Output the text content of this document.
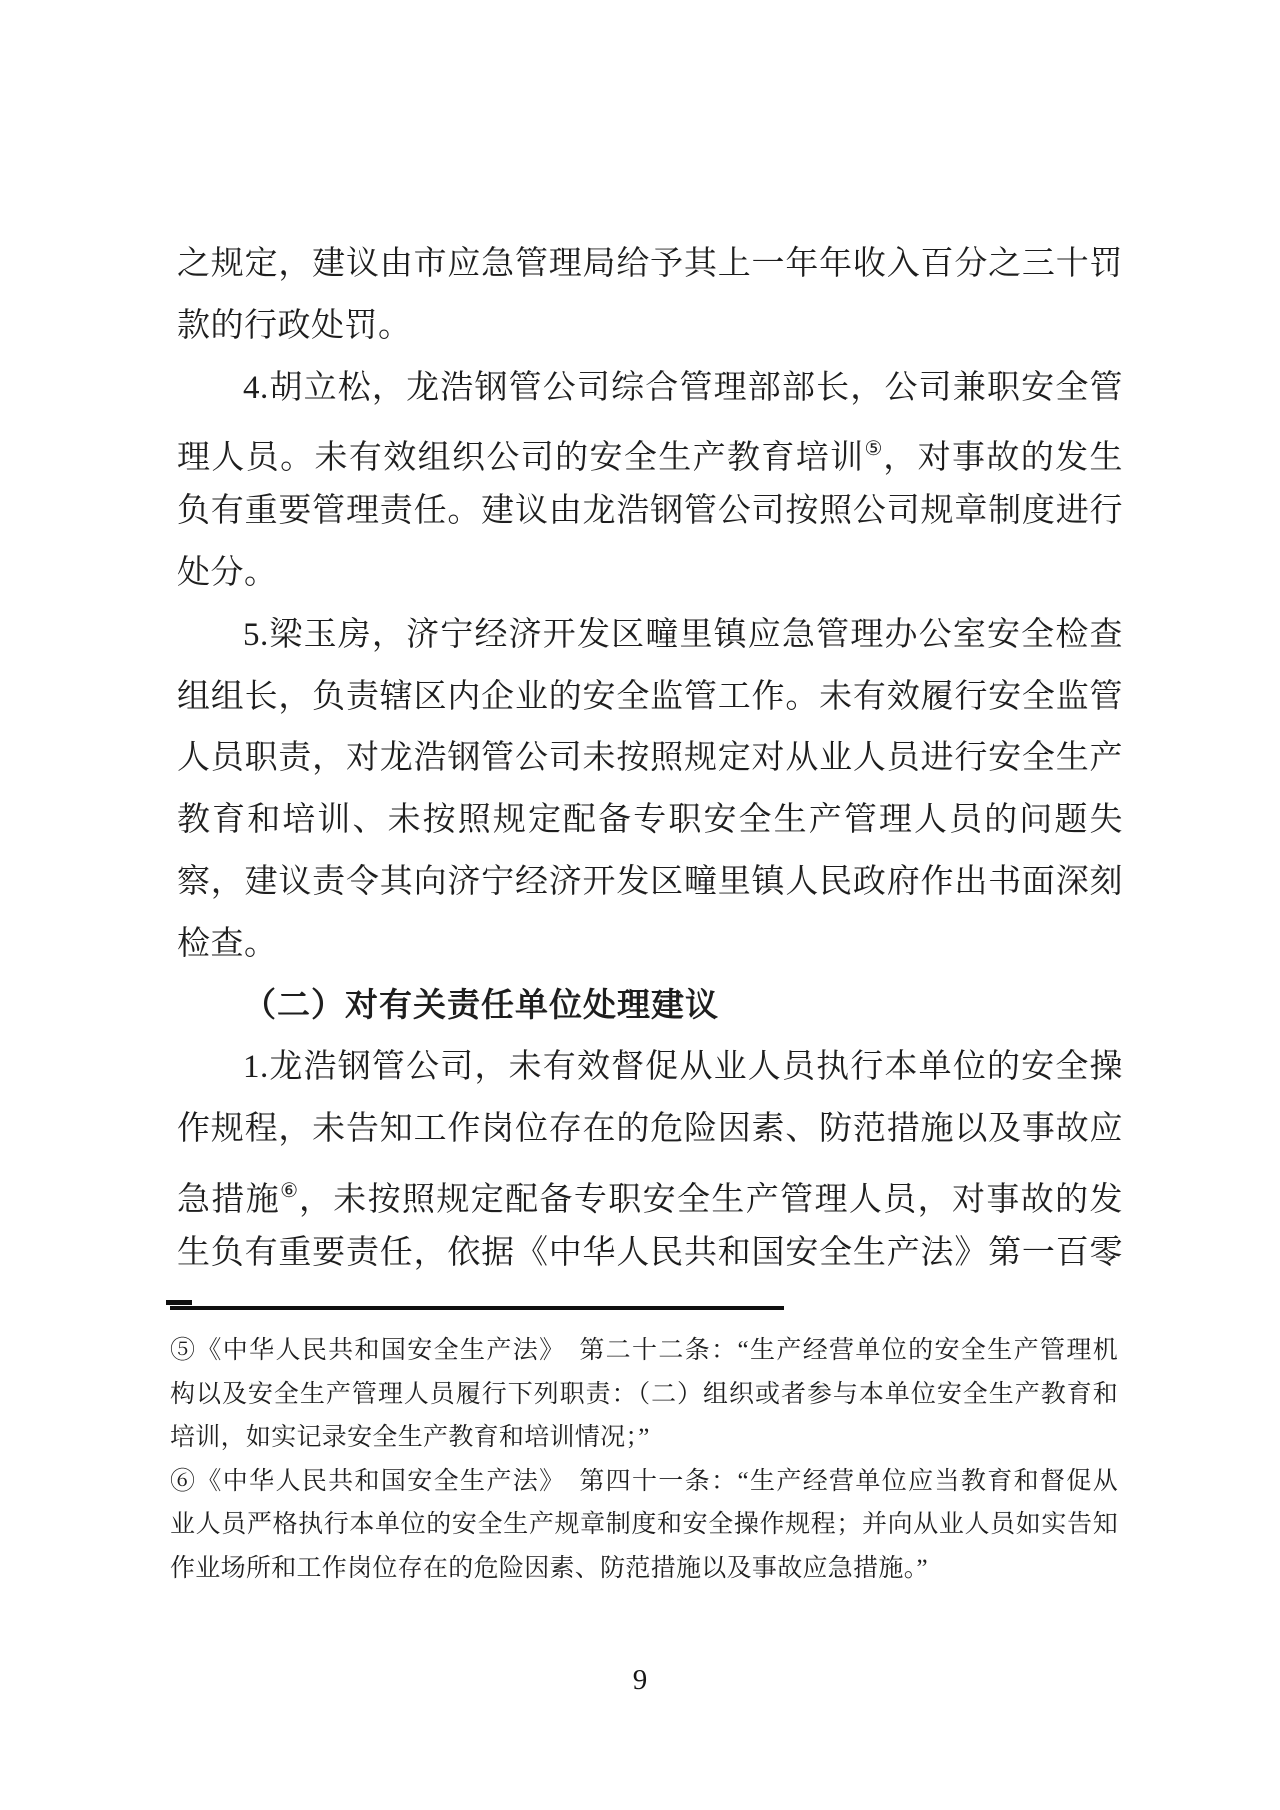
之规定，建议由市应急管理局给予其上一年年收入百分之三十罚
款的行政处罚。
4.胡立松，龙浩钢管公司综合管理部部长，公司兼职安全管
理人员。未有效组织公司的安全生产教育培训⑤，对事故的发生
负有重要管理责任。建议由龙浩钢管公司按照公司规章制度进行
处分。
5.梁玉房，济宁经济开发区疃里镇应急管理办公室安全检查
组组长，负责辖区内企业的安全监管工作。未有效履行安全监管
人员职责，对龙浩钢管公司未按照规定对从业人员进行安全生产
教育和培训、未按照规定配备专职安全生产管理人员的问题失
察，建议责令其向济宁经济开发区疃里镇人民政府作出书面深刻
检查。
（二）对有关责任单位处理建议
1.龙浩钢管公司，未有效督促从业人员执行本单位的安全操
作规程，未告知工作岗位存在的危险因素、防范措施以及事故应
急措施⑥，未按照规定配备专职安全生产管理人员，对事故的发
生负有重要责任，依据《中华人民共和国安全生产法》第一百零
⑤《中华人民共和国安全生产法》　第二十二条：“生产经营单位的安全生产管理机
构以及安全生产管理人员履行下列职责：（二）组织或者参与本单位安全生产教育和
培训，如实记录安全生产教育和培训情况；”
⑥《中华人民共和国安全生产法》　第四十一条：“生产经营单位应当教育和督促从
业人员严格执行本单位的安全生产规章制度和安全操作规程；并向从业人员如实告知
作业场所和工作岗位存在的危险因素、防范措施以及事故应急措施。”
9
